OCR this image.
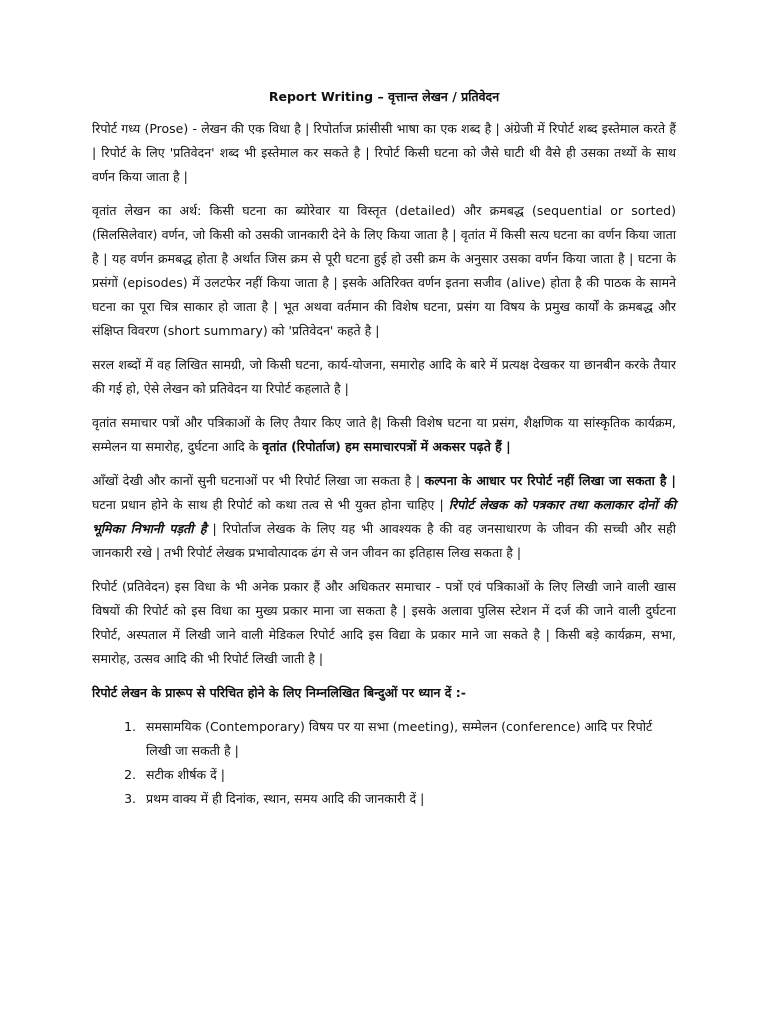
Report Writing – वृत्तान्त लेखन / प्रतिवेदन

रिपोर्ट गध्य (Prose) - लेखन की एक विधा है | रिपोर्ताज फ्रांसीसी भाषा का एक शब्द है | अंग्रेजी में रिपोर्ट शब्द इस्तेमाल करते हैं | रिपोर्ट के लिए 'प्रतिवेदन' शब्द भी इस्तेमाल कर सकते है | रिपोर्ट किसी घटना को जैसे घाटी थी वैसे ही उसका तथ्यों के साथ वर्णन किया जाता है |

वृतांत लेखन का अर्थ: किसी घटना का ब्योरेवार या विस्तृत (detailed) और क्रमबद्ध (sequential or sorted) (सिलसिलेवार) वर्णन, जो किसी को उसकी जानकारी देने के लिए किया जाता है | वृतांत में किसी सत्य घटना का वर्णन किया जाता है | यह वर्णन क्रमबद्ध होता है अर्थात जिस क्रम से पूरी घटना हुई हो उसी क्रम के अनुसार उसका वर्णन किया जाता है | घटना के प्रसंगों (episodes) में उलटफेर नहीं किया जाता है | इसके अतिरिक्त वर्णन इतना सजीव (alive) होता है की पाठक के सामने घटना का पूरा चित्र साकार हो जाता है | भूत अथवा वर्तमान की विशेष घटना, प्रसंग या विषय के प्रमुख कार्यों के क्रमबद्ध और संक्षिप्त विवरण (short summary) को 'प्रतिवेदन' कहते है |

सरल शब्दों में वह लिखित सामग्री, जो किसी घटना, कार्य-योजना, समारोह आदि के बारे में प्रत्यक्ष देखकर या छानबीन करके तैयार की गई हो, ऐसे लेखन को प्रतिवेदन या रिपोर्ट कहलाते है |

वृतांत समाचार पत्रों और पत्रिकाओं के लिए तैयार किए जाते है| किसी विशेष घटना या प्रसंग, शैक्षणिक या सांस्कृतिक कार्यक्रम, सम्मेलन या समारोह, दुर्घटना आदि के वृतांत (रिपोर्ताज) हम समाचारपत्रों में अकसर पढ़ते हैं |

आँखों देखी और कानों सुनी घटनाओं पर भी रिपोर्ट लिखा जा सकता है | कल्पना के आधार पर रिपोर्ट नहीं लिखा जा सकता है | घटना प्रधान होने के साथ ही रिपोर्ट को कथा तत्व से भी युक्त होना चाहिए | रिपोर्ट लेखक को पत्रकार तथा कलाकार दोनों की भूमिका निभानी पड़ती है | रिपोर्ताज लेखक के लिए यह भी आवश्यक है की वह जनसाधारण के जीवन की सच्ची और सही जानकारी रखे | तभी रिपोर्ट लेखक प्रभावोत्पादक ढंग से जन जीवन का इतिहास लिख सकता है |

रिपोर्ट (प्रतिवेदन) इस विधा के भी अनेक प्रकार हैं और अधिकतर समाचार - पत्रों एवं पत्रिकाओं के लिए लिखी जाने वाली खास विषयों की रिपोर्ट को इस विधा का मुख्य प्रकार माना जा सकता है | इसके अलावा पुलिस स्टेशन में दर्ज की जाने वाली दुर्घटना रिपोर्ट, अस्पताल में लिखी जाने वाली मेडिकल रिपोर्ट आदि इस विद्या के प्रकार माने जा सकते है | किसी बड़े कार्यक्रम, सभा, समारोह, उत्सव आदि की भी रिपोर्ट लिखी जाती है |

रिपोर्ट लेखन के प्रारूप से परिचित होने के लिए निम्नलिखित बिन्दुओं पर ध्यान दें :-

1. समसामयिक (Contemporary) विषय पर या सभा (meeting), सम्मेलन (conference) आदि पर रिपोर्ट लिखी जा सकती है |
2. सटीक शीर्षक दें |
3. प्रथम वाक्य में ही दिनांक, स्थान, समय आदि की जानकारी दें |
